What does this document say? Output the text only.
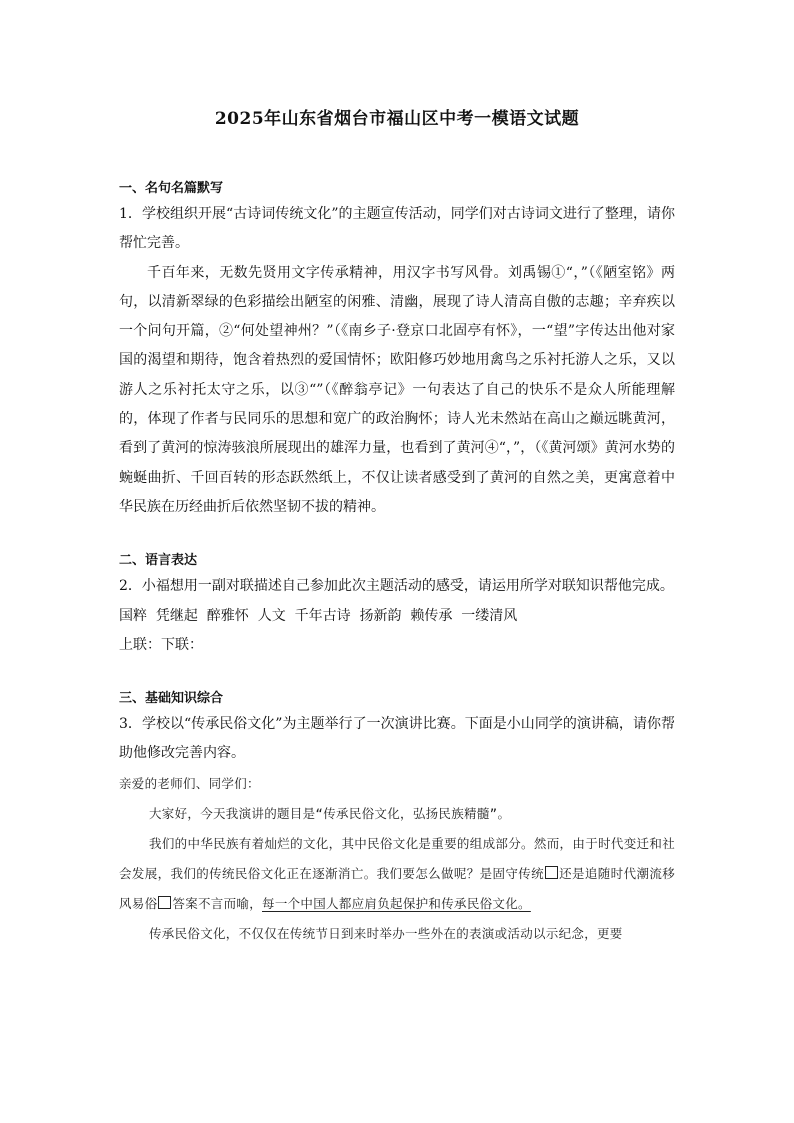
2025年山东省烟台市福山区中考一模语文试题

一、名句名篇默写

1．学校组织开展“古诗词传统文化”的主题宣传活动，同学们对古诗词文进行了整理，请你帮忙完善。

千百年来，无数先贤用文字传承精神，用汉字书写风骨。刘禹锡①“，”（《陋室铭》两句，以清新翠绿的色彩描绘出陋室的闲雅、清幽，展现了诗人清高自傲的志趣；辛弃疾以一个问句开篇，②“何处望神州？”（《南乡子·登京口北固亭有怀》，一“望”字传达出他对家国的渴望和期待，饱含着热烈的爱国情怀；欧阳修巧妙地用禽鸟之乐衬托游人之乐，又以游人之乐衬托太守之乐，以③“”（《醉翁亭记》一句表达了自己的快乐不是众人所能理解的，体现了作者与民同乐的思想和宽广的政治胸怀；诗人光未然站在高山之巅远眺黄河，看到了黄河的惊涛骇浪所展现出的雄浑力量，也看到了黄河④“，”，（《黄河颂》黄河水势的蜿蜒曲折、千回百转的形态跃然纸上，不仅让读者感受到了黄河的自然之美，更寓意着中华民族在历经曲折后依然坚韧不拔的精神。

二、语言表达

2．小福想用一副对联描述自己参加此次主题活动的感受，请运用所学对联知识帮他完成。

国粹  凭继起  醉雅怀  人文  千年古诗  扬新韵  赖传承  一缕清风

上联：下联：

三、基础知识综合

3．学校以“传承民俗文化”为主题举行了一次演讲比赛。下面是小山同学的演讲稿，请你帮助他修改完善内容。

亲爱的老师们、同学们：

大家好，今天我演讲的题目是“传承民俗文化，弘扬民族精髓”。

我们的中华民族有着灿烂的文化，其中民俗文化是重要的组成部分。然而，由于时代变迁和社会发展，我们的传统民俗文化正在逐渐消亡。我们要怎么做呢？是固守传统 还是追随时代潮流移风易俗 答案不言而喻，每一个中国人都应肩负起保护和传承民俗文化。

传承民俗文化，不仅仅在传统节日到来时举办一些外在的表演或活动以示纪念，更要
